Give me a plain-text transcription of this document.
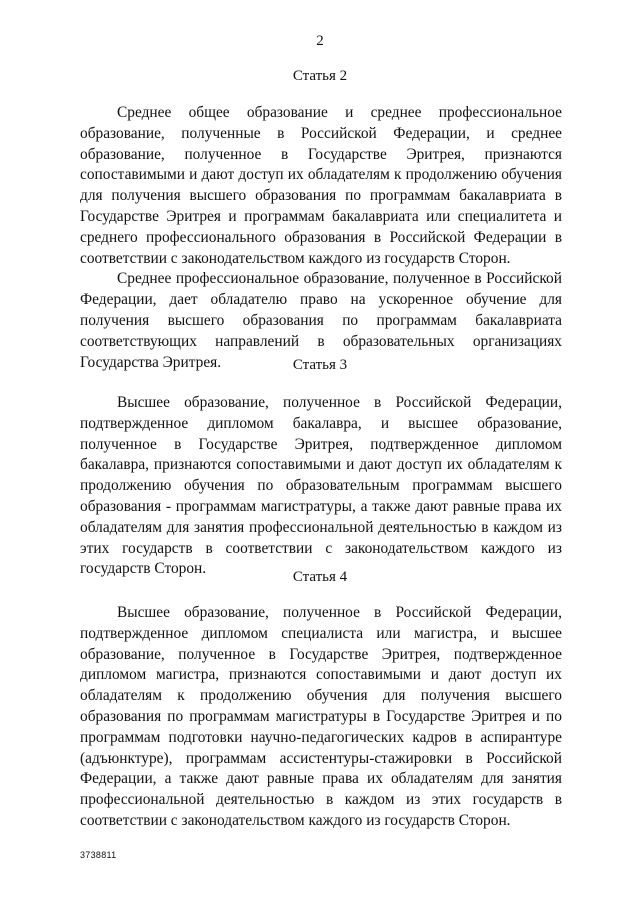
2
Статья 2

Среднее общее образование и среднее профессиональное образование, полученные в Российской Федерации, и среднее образование, полученное в Государстве Эритрея, признаются сопоставимыми и дают доступ их обладателям к продолжению обучения для получения высшего образования по программам бакалавриата в Государстве Эритрея и программам бакалавриата или специалитета и среднего профессионального образования в Российской Федерации в соответствии с законодательством каждого из государств Сторон.

Среднее профессиональное образование, полученное в Российской Федерации, дает обладателю право на ускоренное обучение для получения высшего образования по программам бакалавриата соответствующих направлений в образовательных организациях Государства Эритрея.	Статья 3

Высшее образование, полученное в Российской Федерации, подтвержденное дипломом бакалавра, и высшее образование, полученное в Государстве Эритрея, подтвержденное дипломом бакалавра, признаются сопоставимыми и дают доступ их обладателям к продолжению обучения по образовательным программам высшего образования - программам магистратуры, а также дают равные права их обладателям для занятия профессиональной деятельностью в каждом из этих государств в соответствии с законодательством каждого из государств Сторон.	Статья 4

Высшее образование, полученное в Российской Федерации, подтвержденное дипломом специалиста или магистра, и высшее образование, полученное в Государстве Эритрея, подтвержденное дипломом магистра, признаются сопоставимыми и дают доступ их обладателям к продолжению обучения для получения высшего образования по программам магистратуры в Государстве Эритрея и по программам подготовки научно-педагогических кадров в аспирантуре (адъюнктуре), программам ассистентуры-стажировки в Российской Федерации, а также дают равные права их обладателям для занятия профессиональной деятельностью в каждом из этих государств в соответствии с законодательством каждого из государств Сторон.

3738811
